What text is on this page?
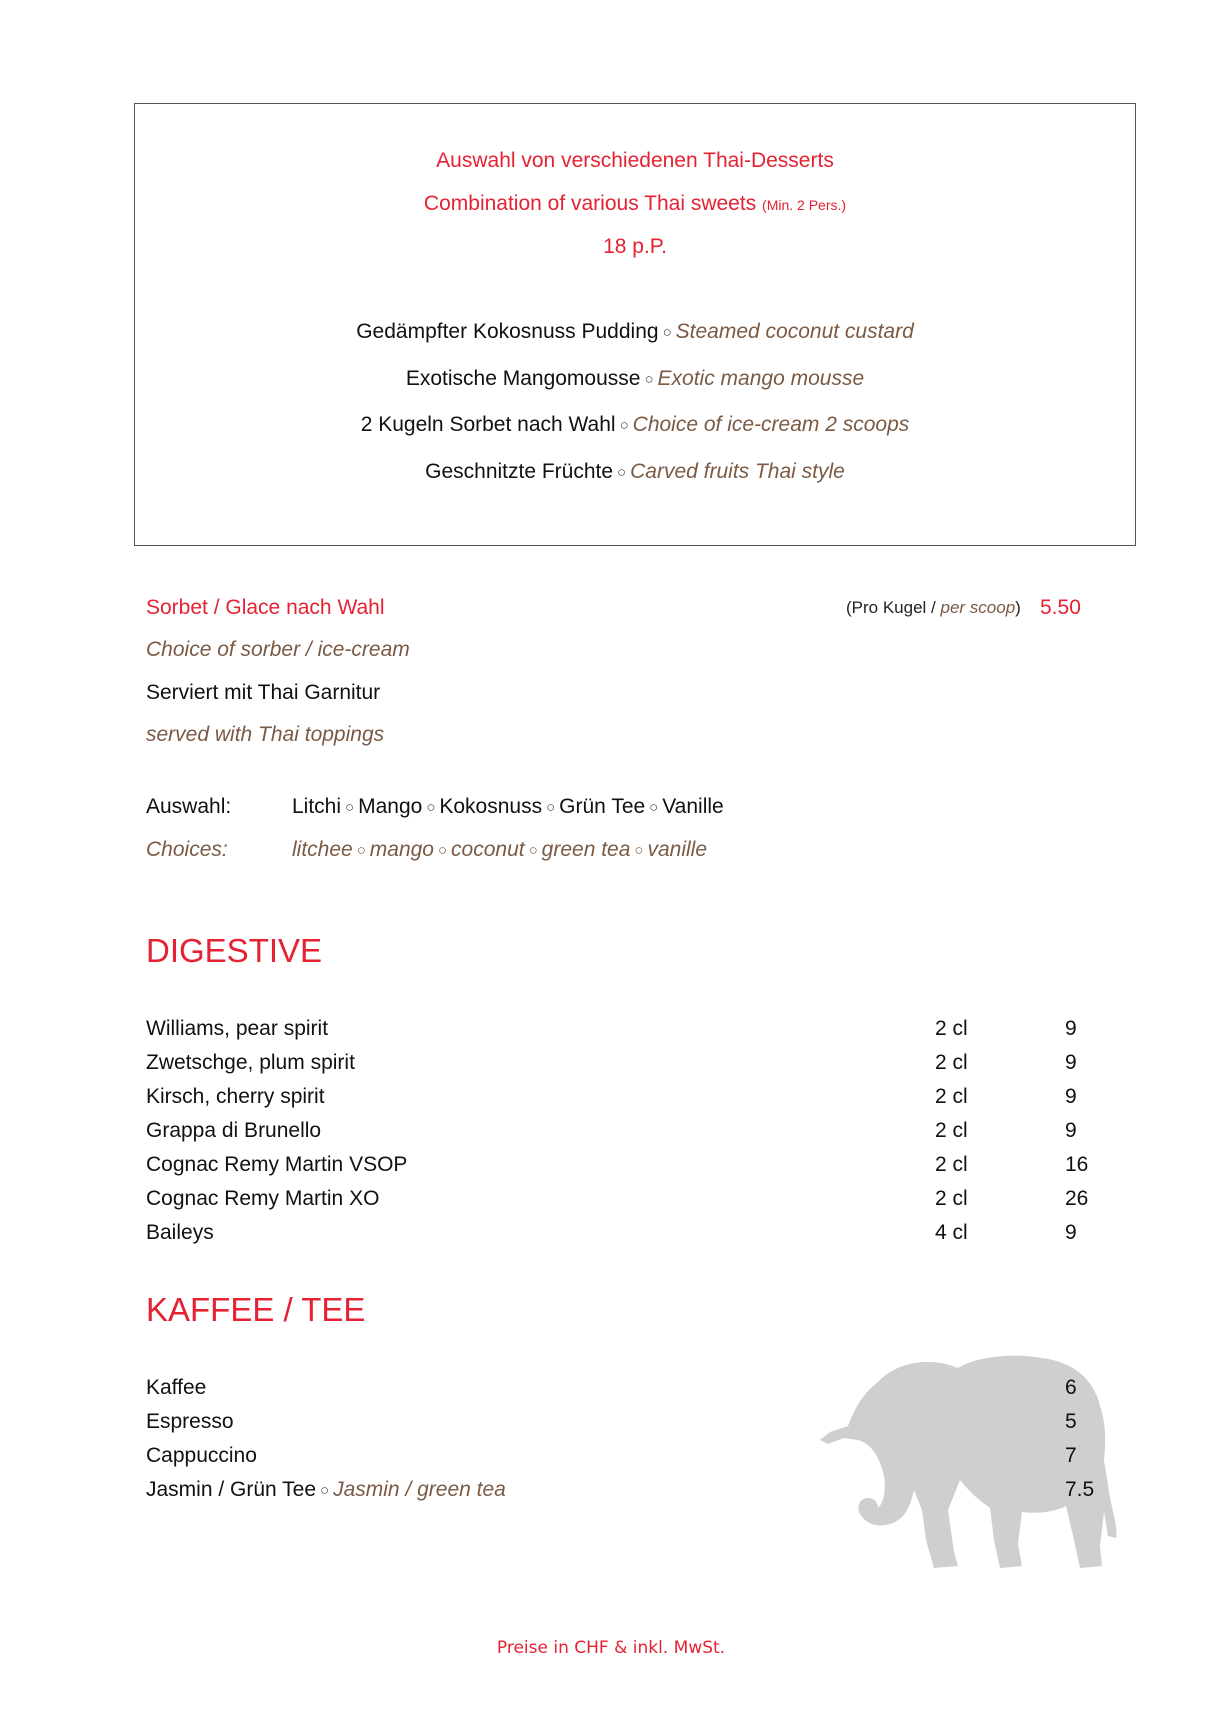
Auswahl von verschiedenen Thai-Desserts
Combination of various Thai sweets (Min. 2 Pers.)
18 p.P.
Gedämpfter Kokosnuss Pudding ○ Steamed coconut custard
Exotische Mangomousse ○ Exotic mango mousse
2 Kugeln Sorbet nach Wahl ○ Choice of ice-cream 2 scoops
Geschnitzte Früchte ○ Carved fruits Thai style
Sorbet / Glace nach Wahl	(Pro Kugel / per scoop) 5.50
Choice of sorber / ice-cream
Serviert mit Thai Garnitur
served with Thai toppings
Auswahl:	Litchi ○ Mango ○ Kokosnuss ○ Grün Tee ○ Vanille
Choices:	litchee ○ mango ○ coconut ○ green tea ○ vanille
DIGESTIVE
Williams, pear spirit	2 cl	9
Zwetschge, plum spirit	2 cl	9
Kirsch, cherry spirit	2 cl	9
Grappa di Brunello	2 cl	9
Cognac Remy Martin VSOP	2 cl	16
Cognac Remy Martin XO	2 cl	26
Baileys	4 cl	9
KAFFEE / TEE
Kaffee	6
Espresso	5
Cappuccino	7
Jasmin / Grün Tee ○ Jasmin / green tea	7.5
Preise in CHF & inkl. MwSt.
